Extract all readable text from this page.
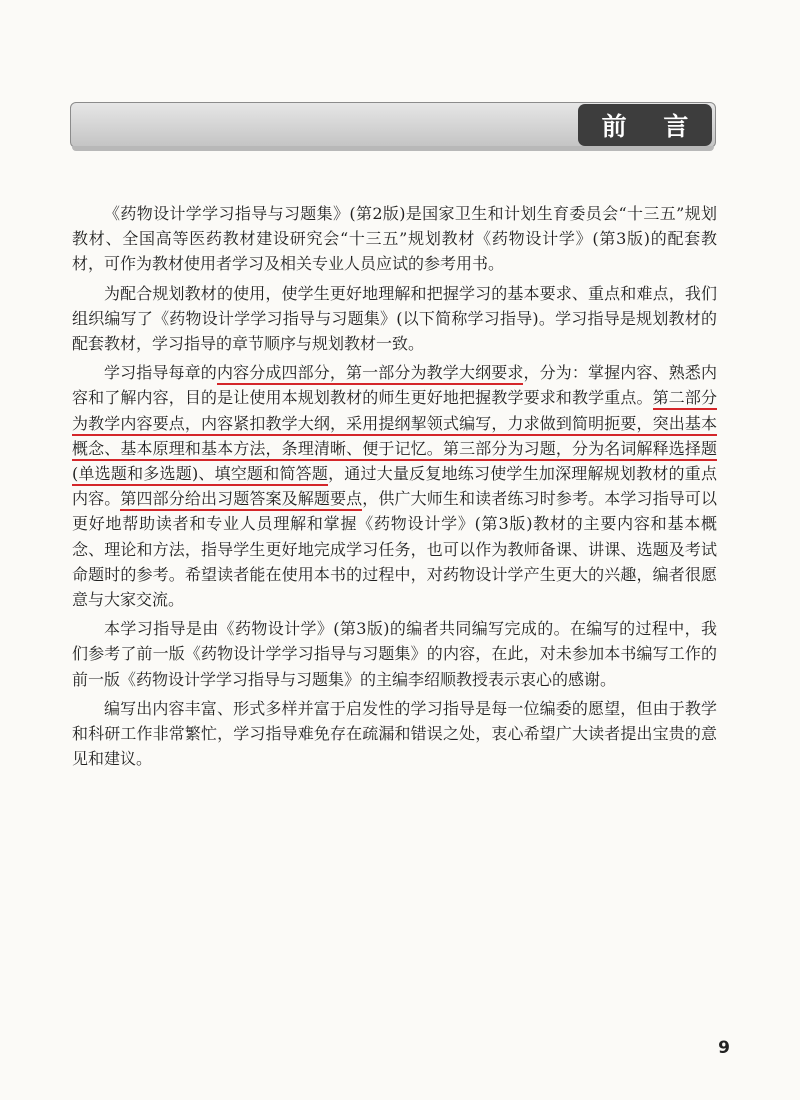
前 言

《药物设计学学习指导与习题集》(第2版)是国家卫生和计划生育委员会“十三五”规划教材、全国高等医药教材建设研究会“十三五”规划教材《药物设计学》(第3版)的配套教材，可作为教材使用者学习及相关专业人员应试的参考用书。

为配合规划教材的使用，使学生更好地理解和把握学习的基本要求、重点和难点，我们组织编写了《药物设计学学习指导与习题集》(以下简称学习指导)。学习指导是规划教材的配套教材，学习指导的章节顺序与规划教材一致。

学习指导每章的内容分成四部分，第一部分为教学大纲要求，分为：掌握内容、熟悉内容和了解内容，目的是让使用本规划教材的师生更好地把握教学要求和教学重点。第二部分为教学内容要点，内容紧扣教学大纲，采用提纲挈领式编写，力求做到简明扼要，突出基本概念、基本原理和基本方法，条理清晰、便于记忆。第三部分为习题，分为名词解释选择题(单选题和多选题)、填空题和简答题，通过大量反复地练习使学生加深理解规划教材的重点内容。第四部分给出习题答案及解题要点，供广大师生和读者练习时参考。本学习指导可以更好地帮助读者和专业人员理解和掌握《药物设计学》(第3版)教材的主要内容和基本概念、理论和方法，指导学生更好地完成学习任务，也可以作为教师备课、讲课、选题及考试命题时的参考。希望读者能在使用本书的过程中，对药物设计学产生更大的兴趣，编者很愿意与大家交流。

本学习指导是由《药物设计学》(第3版)的编者共同编写完成的。在编写的过程中，我们参考了前一版《药物设计学学习指导与习题集》的内容，在此，对未参加本书编写工作的前一版《药物设计学学习指导与习题集》的主编李绍顺教授表示衷心的感谢。

编写出内容丰富、形式多样并富于启发性的学习指导是每一位编委的愿望，但由于教学和科研工作非常繁忙，学习指导难免存在疏漏和错误之处，衷心希望广大读者提出宝贵的意见和建议。

9
